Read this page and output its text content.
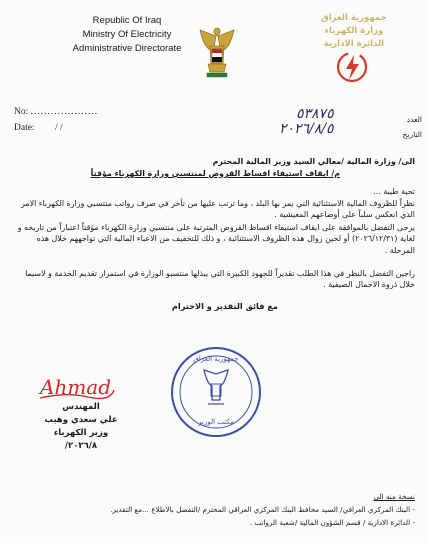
Republic Of Iraq
Ministry Of Electricity
Administrative Directorate
جمهورية العراق
وزارة الكهرباء
الدائرة الادارية
No: ....................
Date: / /
العدد
٥٣٨٧٥
التاريخ
٢٠٢٦/٨/٥
الى/ وزارة المالية /معالي السيد وزير المالية المحترم
م/ ايقاف استيفاء اقساط القروض لمنتسبي وزارة الكهرباء مؤقتاً
تحية طيبة ...
نظراً للظروف المالية الاستثنائية التي يمر بها البلد ، وما ترتب عليها من تأخر في صرف رواتب منتسبي وزارة الكهرباء الامر الذي انعكس سلباً على أوضاعهم المعيشية .
يرجى التفضل بالموافقة على ايقاف استيفاء اقساط القروض المترتبة على منتسبي وزارة الكهرباء مؤقتاً اعتباراً من تاريخه و لغاية (٢٠٢٦/١٢/٣١) أو لحين زوال هذه الظروف الاستثنائية ، و ذلك للتخفيف من الاعباء المالية التي تواجههم خلال هذه المرحلة .
راجين التفضل بالنظر في هذا الطلب تقديراً للجهود الكبيرة التي يبذلها منتسبو الوزارة في استمرار تقديم الخدمة و لاسيما خلال ذروة الاحمال الصيفية .
مع فائق التقدير و الاحترام
Ahmad
المهندس
علي سعدي وهيب
وزير الكهرباء
٢٠٢٦/٨/
جمهورية العراق
مكتب الوزير
نسخة منه الى
- البنك المركزي العراقي/ السيد محافظ البنك المركزي العراقي المحترم /التفضل بالاطلاع ...مع التقدير.
- الدائرة الادارية / قسم الشؤون المالية /شعبة الرواتب .
